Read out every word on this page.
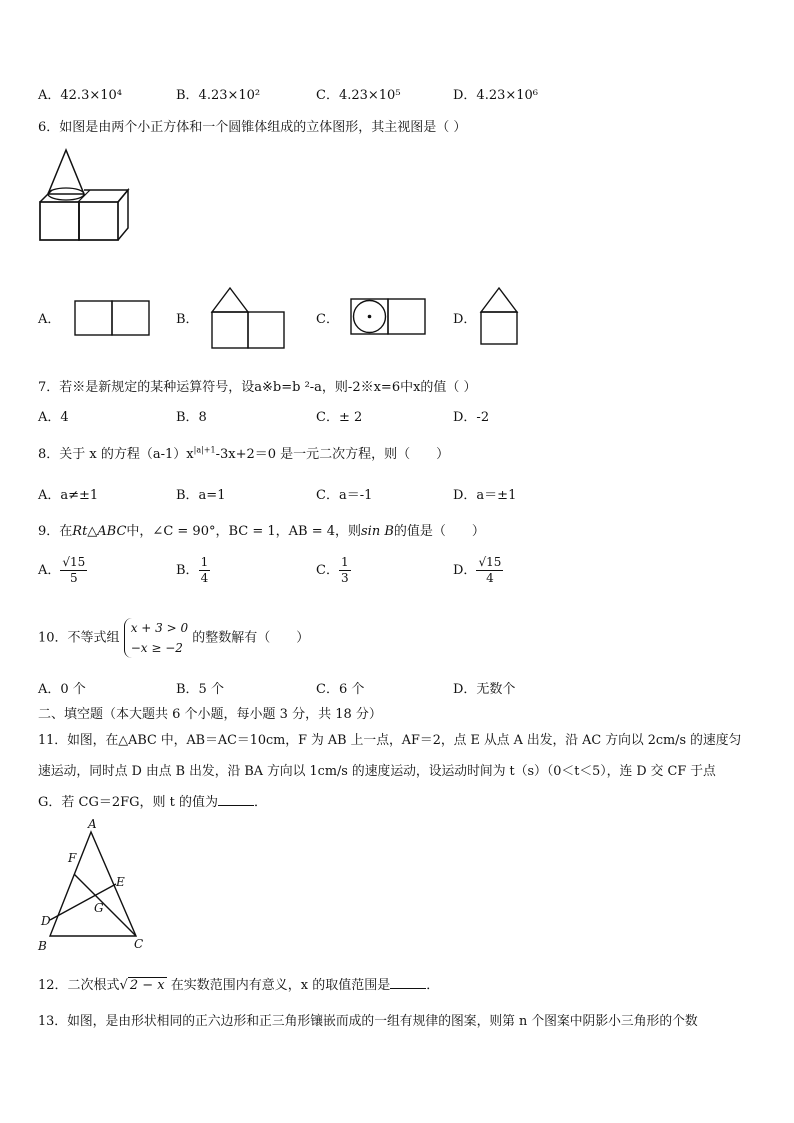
A．42.3×10⁴	B．4.23×10²	C．4.23×10⁵	D．4.23×10⁶
6．如图是由两个小正方体和一个圆锥体组成的立体图形，其主视图是（ ）
A．	B．	C．	D．
7．若※是新规定的某种运算符号，设a※b=b ²-a，则-2※x=6中x的值（ ）
A．4	B．8	C．± 2	D．-2
8．关于 x 的方程$(a-1)x^{|a|+1}-3x+2=0$ 是一元二次方程，则（　　）
A．a≠±1	B．a=1	C．a＝-1	D．a＝±1
9．在Rt△ABC中，∠C = 90°，BC = 1，AB = 4，则sin B的值是（　　）
A． $\frac{√15}{5}$	B． $\frac{1}{4}$	C． $\frac{1}{3}$	D． $\frac{√15}{4}$
10．不等式组
x + 3 > 0
−x ≥ −2
的整数解有（　　）
A．0 个	B．5 个	C．6 个	D．无数个
二、填空题（本大题共 6 个小题，每小题 3 分，共 18 分）
11．如图，在△ABC 中，AB＝AC＝10cm，F 为 AB 上一点，AF＝2，点 E 从点 A 出发，沿 AC 方向以 2cm/s 的速度匀
速运动，同时点 D 由点 B 出发，沿 BA 方向以 1cm/s 的速度运动，设运动时间为 t（s）（0＜t＜5），连 D 交 CF 于点
G．若 CG＝2FG，则 t 的值为	．
A
F
E
G
D
B	C
12．二次根式√ 2 − x 在实数范围内有意义，x 的取值范围是	．
13．如图，是由形状相同的正六边形和正三角形镶嵌而成的一组有规律的图案，则第 n 个图案中阴影小三角形的个数
